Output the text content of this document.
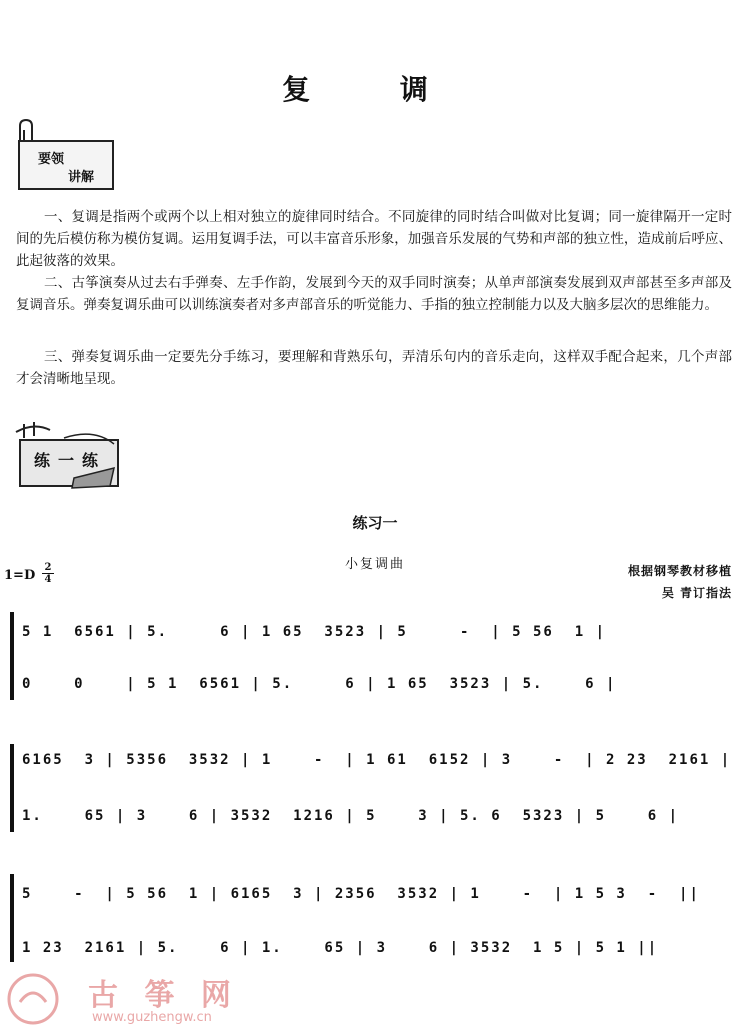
复 调
要领
讲解
一、复调是指两个或两个以上相对独立的旋律同时结合。不同旋律的同时结合叫做对比复调；同一旋律隔开一定时间的先后模仿称为模仿复调。运用复调手法，可以丰富音乐形象，加强音乐发展的气势和声部的独立性，造成前后呼应、此起彼落的效果。
二、古筝演奏从过去右手弹奏、左手作韵，发展到今天的双手同时演奏；从单声部演奏发展到双声部甚至多声部及复调音乐。弹奏复调乐曲可以训练演奏者对多声部音乐的听觉能力、手指的独立控制能力以及大脑多层次的思维能力。
三、弹奏复调乐曲一定要先分手练习，要理解和背熟乐句，弄清乐句内的音乐走向，这样双手配合起来，几个声部才会清晰地呈现。
练一练
练习一
小复调曲
1=D
2
4
根据钢琴教材移植
吴 青订指法
5 1  6561 | 5.     6 | 1 65  3523 | 5     -  | 5 56  1 |
0    0    | 5 1  6561 | 5.     6 | 1 65  3523 | 5.    6 |
6165  3 | 5356  3532 | 1    -  | 1 61  6152 | 3    -  | 2 23  2161 |
1.    65 | 3    6 | 3532  1216 | 5    3 | 5. 6  5323 | 5    6 |
5    -  | 5 56  1 | 6165  3 | 2356  3532 | 1    -  | 1 5 3  -  ||
1 23  2161 | 5.    6 | 1.    65 | 3    6 | 3532  1 5 | 5 1 ||
古 筝 网
www.guzhengw.cn
